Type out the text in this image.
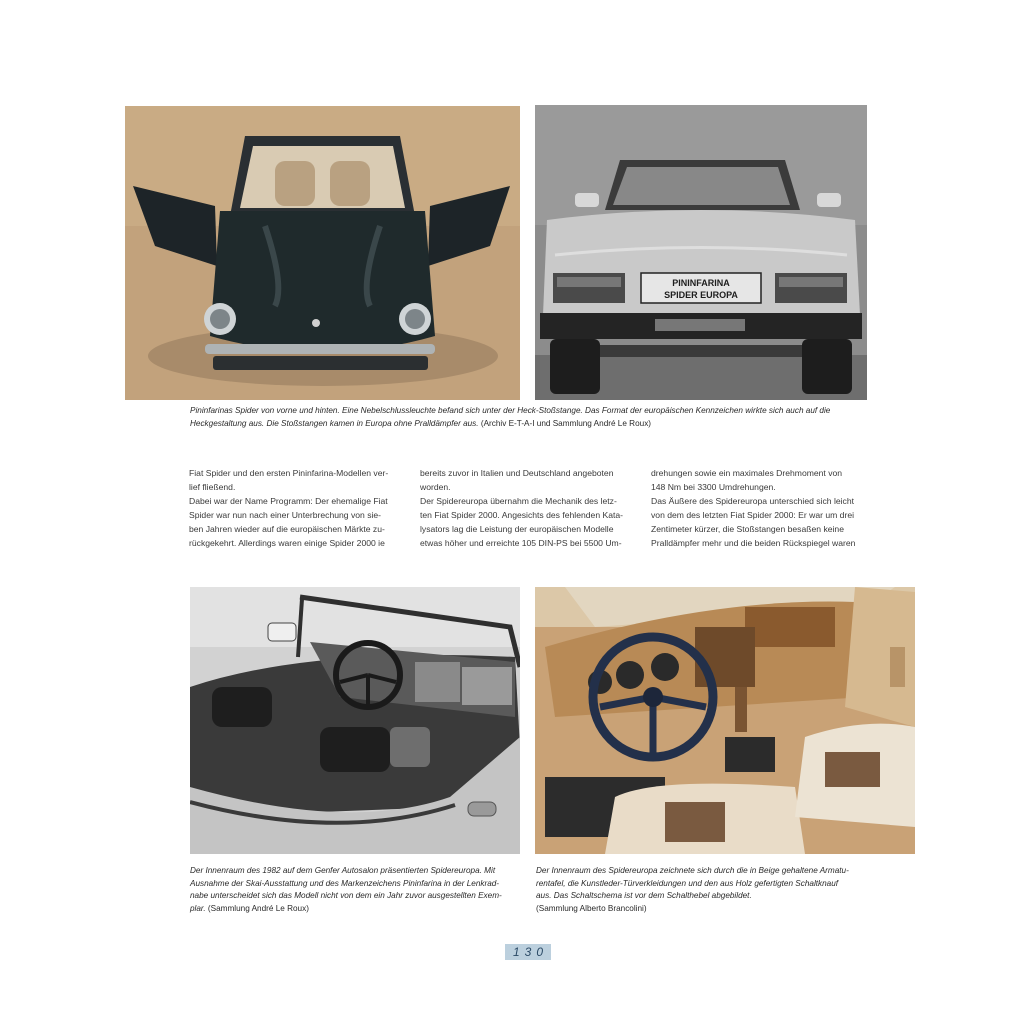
PININFARINA
SPIDER EUROPA

Pininfarinas Spider von vorne und hinten. Eine Nebelschlussleuchte befand sich unter der Heck-Stoßstange. Das Format der europäischen Kennzeichen wirkte sich auch auf die
Heckgestaltung aus. Die Stoßstangen kamen in Europa ohne Pralldämpfer aus. (Archiv E-T-A-I und Sammlung André Le Roux)

Fiat Spider und den ersten Pininfarina-Modellen ver-
lief fließend.
Dabei war der Name Programm: Der ehemalige Fiat
Spider war nun nach einer Unterbrechung von sie-
ben Jahren wieder auf die europäischen Märkte zu-
rückgekehrt. Allerdings waren einige Spider 2000 ie
bereits zuvor in Italien und Deutschland angeboten
worden.
Der Spidereuropa übernahm die Mechanik des letz-
ten Fiat Spider 2000. Angesichts des fehlenden Kata-
lysators lag die Leistung der europäischen Modelle
etwas höher und erreichte 105 DIN-PS bei 5500 Um-
drehungen sowie ein maximales Drehmoment von
148 Nm bei 3300 Umdrehungen.
Das Äußere des Spidereuropa unterschied sich leicht
von dem des letzten Fiat Spider 2000: Er war um drei
Zentimeter kürzer, die Stoßstangen besaßen keine
Pralldämpfer mehr und die beiden Rückspiegel waren

Der Innenraum des 1982 auf dem Genfer Autosalon präsentierten Spidereuropa. Mit
Ausnahme der Skai-Ausstattung und des Markenzeichens Pininfarina in der Lenkrad-
nabe unterscheidet sich das Modell nicht von dem ein Jahr zuvor ausgestellten Exem-
plar. (Sammlung André Le Roux)

Der Innenraum des Spidereuropa zeichnete sich durch die in Beige gehaltene Armatu-
rentafel, die Kunstleder-Türverkleidungen und den aus Holz gefertigten Schaltknauf
aus. Das Schaltschema ist vor dem Schalthebel abgebildet.
(Sammlung Alberto Brancolini)

130
